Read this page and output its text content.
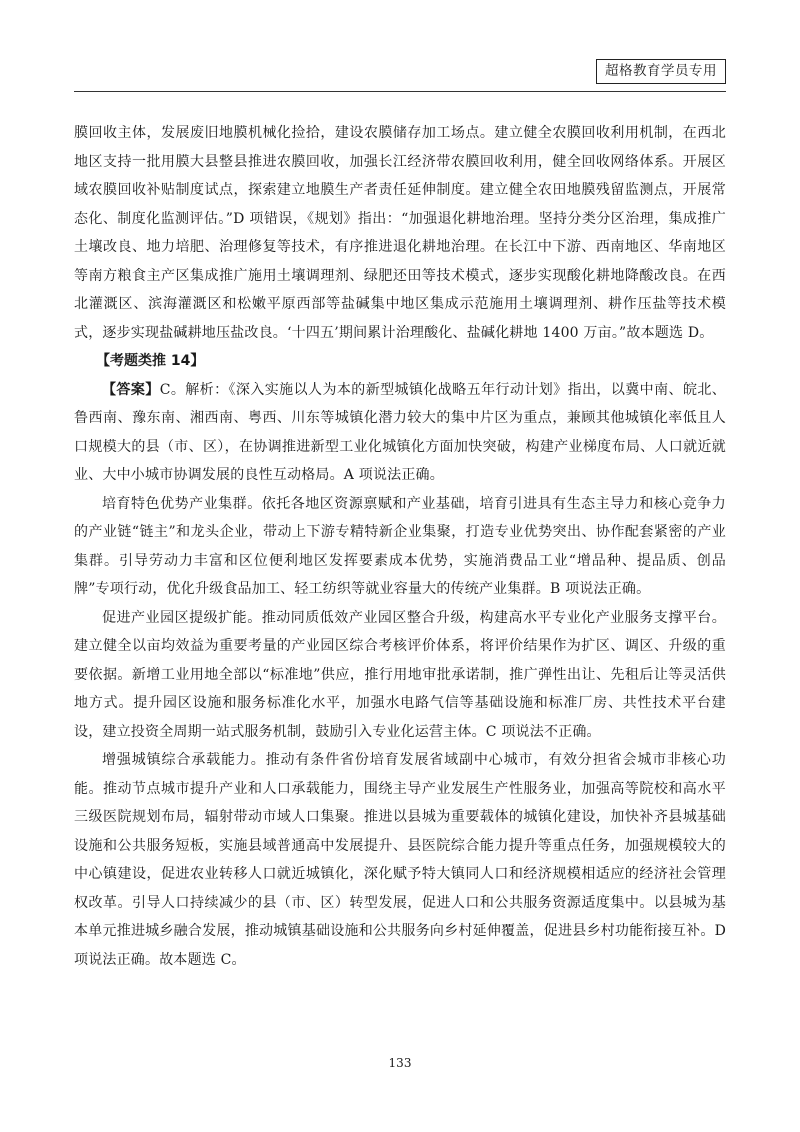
超格教育学员专用

膜回收主体，发展废旧地膜机械化捡拾，建设农膜储存加工场点。建立健全农膜回收利用机制，在西北地区支持一批用膜大县整县推进农膜回收，加强长江经济带农膜回收利用，健全回收网络体系。开展区域农膜回收补贴制度试点，探索建立地膜生产者责任延伸制度。建立健全农田地膜残留监测点，开展常态化、制度化监测评估。”D 项错误，《规划》指出：“加强退化耕地治理。坚持分类分区治理，集成推广土壤改良、地力培肥、治理修复等技术，有序推进退化耕地治理。在长江中下游、西南地区、华南地区等南方粮食主产区集成推广施用土壤调理剂、绿肥还田等技术模式，逐步实现酸化耕地降酸改良。在西北灌溉区、滨海灌溉区和松嫩平原西部等盐碱集中地区集成示范施用土壤调理剂、耕作压盐等技术模式，逐步实现盐碱耕地压盐改良。‘十四五’期间累计治理酸化、盐碱化耕地 1400 万亩。”故本题选 D。

【考题类推 14】

【答案】C。解析：《深入实施以人为本的新型城镇化战略五年行动计划》指出，以冀中南、皖北、鲁西南、豫东南、湘西南、粤西、川东等城镇化潜力较大的集中片区为重点，兼顾其他城镇化率低且人口规模大的县（市、区），在协调推进新型工业化城镇化方面加快突破，构建产业梯度布局、人口就近就业、大中小城市协调发展的良性互动格局。A 项说法正确。

培育特色优势产业集群。依托各地区资源禀赋和产业基础，培育引进具有生态主导力和核心竞争力的产业链“链主”和龙头企业，带动上下游专精特新企业集聚，打造专业优势突出、协作配套紧密的产业集群。引导劳动力丰富和区位便利地区发挥要素成本优势，实施消费品工业“增品种、提品质、创品牌”专项行动，优化升级食品加工、轻工纺织等就业容量大的传统产业集群。B 项说法正确。

促进产业园区提级扩能。推动同质低效产业园区整合升级，构建高水平专业化产业服务支撑平台。建立健全以亩均效益为重要考量的产业园区综合考核评价体系，将评价结果作为扩区、调区、升级的重要依据。新增工业用地全部以“标准地”供应，推行用地审批承诺制，推广弹性出让、先租后让等灵活供地方式。提升园区设施和服务标准化水平，加强水电路气信等基础设施和标准厂房、共性技术平台建设，建立投资全周期一站式服务机制，鼓励引入专业化运营主体。C 项说法不正确。

增强城镇综合承载能力。推动有条件省份培育发展省域副中心城市，有效分担省会城市非核心功能。推动节点城市提升产业和人口承载能力，围绕主导产业发展生产性服务业，加强高等院校和高水平三级医院规划布局，辐射带动市域人口集聚。推进以县城为重要载体的城镇化建设，加快补齐县城基础设施和公共服务短板，实施县域普通高中发展提升、县医院综合能力提升等重点任务，加强规模较大的中心镇建设，促进农业转移人口就近城镇化，深化赋予特大镇同人口和经济规模相适应的经济社会管理权改革。引导人口持续减少的县（市、区）转型发展，促进人口和公共服务资源适度集中。以县城为基本单元推进城乡融合发展，推动城镇基础设施和公共服务向乡村延伸覆盖，促进县乡村功能衔接互补。D 项说法正确。故本题选 C。

133
